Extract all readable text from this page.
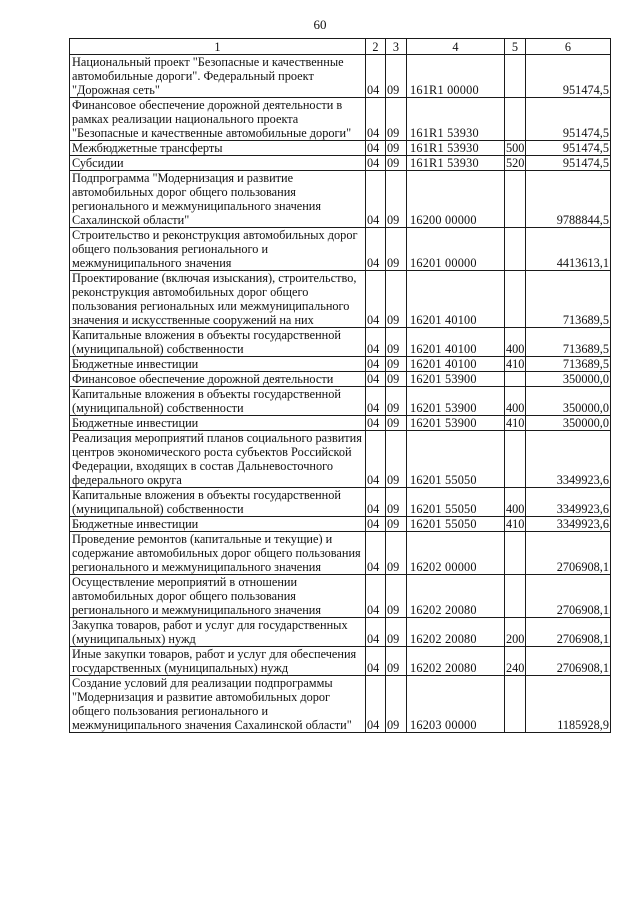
60
1	2	3	4	5	6
Национальный проект "Безопасные и качественные автомобильные дороги". Федеральный проект "Дорожная сеть"	04	09	161R1 00000		951474,5
Финансовое обеспечение дорожной деятельности в рамках реализации национального проекта "Безопасные и качественные автомобильные дороги"	04	09	161R1 53930		951474,5
Межбюджетные трансферты	04	09	161R1 53930	500	951474,5
Субсидии	04	09	161R1 53930	520	951474,5
Подпрограмма "Модернизация и развитие автомобильных дорог общего пользования регионального и межмуниципального значения Сахалинской области"	04	09	16200 00000		9788844,5
Строительство и реконструкция автомобильных дорог общего пользования регионального и межмуниципального значения	04	09	16201 00000		4413613,1
Проектирование (включая изыскания), строительство, реконструкция автомобильных дорог общего пользования региональных или межмуниципального значения и искусственные сооружений на них	04	09	16201 40100		713689,5
Капитальные вложения в объекты государственной (муниципальной) собственности	04	09	16201 40100	400	713689,5
Бюджетные инвестиции	04	09	16201 40100	410	713689,5
Финансовое обеспечение дорожной деятельности	04	09	16201 53900		350000,0
Капитальные вложения в объекты государственной (муниципальной) собственности	04	09	16201 53900	400	350000,0
Бюджетные инвестиции	04	09	16201 53900	410	350000,0
Реализация мероприятий планов социального развития центров экономического роста субъектов Российской Федерации, входящих в состав Дальневосточного федерального округа	04	09	16201 55050		3349923,6
Капитальные вложения в объекты государственной (муниципальной) собственности	04	09	16201 55050	400	3349923,6
Бюджетные инвестиции	04	09	16201 55050	410	3349923,6
Проведение ремонтов (капитальные и текущие) и содержание автомобильных дорог общего пользования регионального и межмуниципального значения	04	09	16202 00000		2706908,1
Осуществление мероприятий в отношении автомобильных дорог общего пользования регионального и межмуниципального значения	04	09	16202 20080		2706908,1
Закупка товаров, работ и услуг для государственных (муниципальных) нужд	04	09	16202 20080	200	2706908,1
Иные закупки товаров, работ и услуг для обеспечения государственных (муниципальных) нужд	04	09	16202 20080	240	2706908,1
Создание условий для реализации подпрограммы "Модернизация и развитие автомобильных дорог общего пользования регионального и межмуниципального значения Сахалинской области"	04	09	16203 00000		1185928,9
